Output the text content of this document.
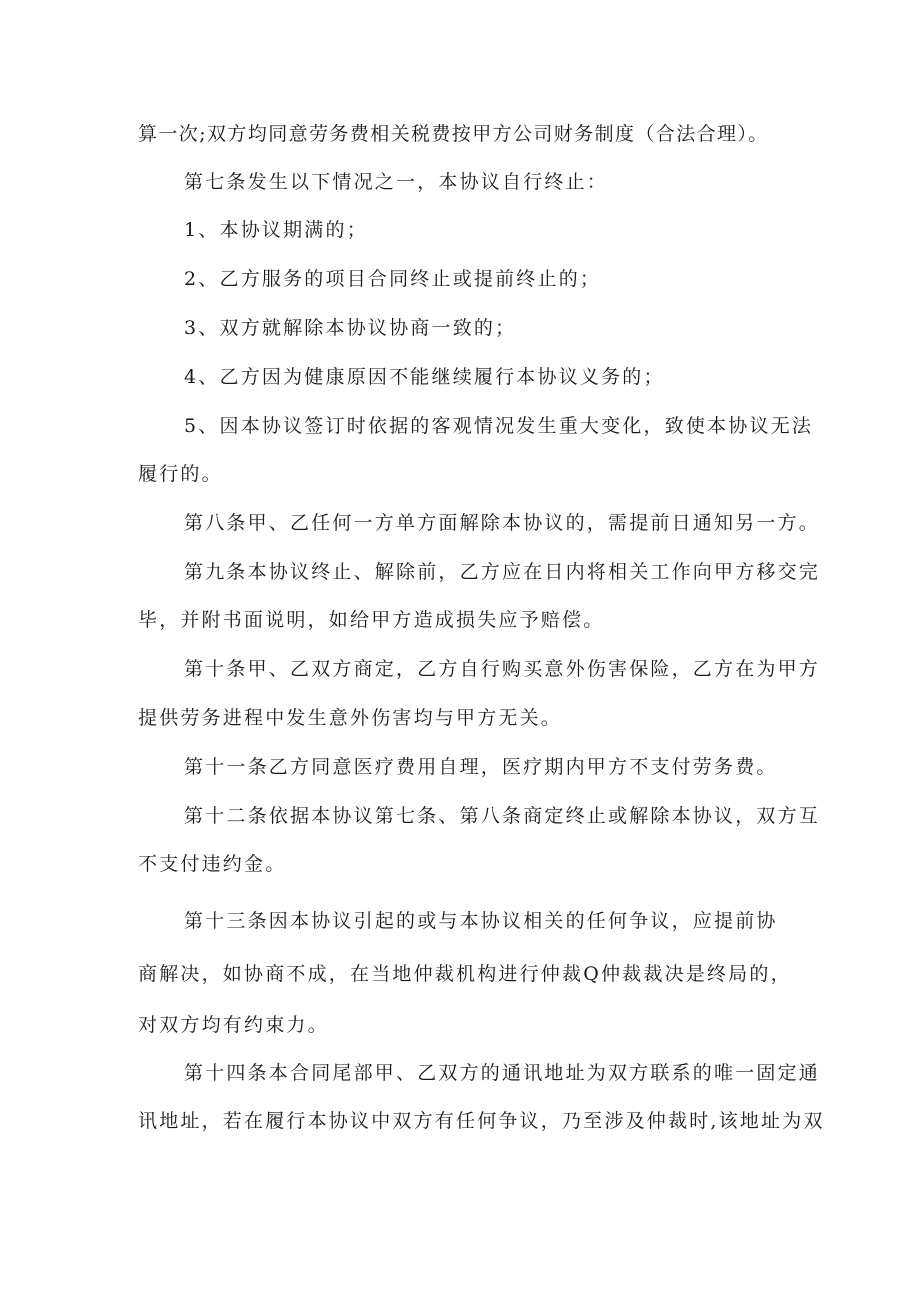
算一次;双方均同意劳务费相关税费按甲方公司财务制度（合法合理）。
第七条发生以下情况之一，本协议自行终止：
1、本协议期满的；
2、乙方服务的项目合同终止或提前终止的；
3、双方就解除本协议协商一致的；
4、乙方因为健康原因不能继续履行本协议义务的；
5、因本协议签订时依据的客观情况发生重大变化，致使本协议无法
履行的。
第八条甲、乙任何一方单方面解除本协议的，需提前日通知另一方。
第九条本协议终止、解除前，乙方应在日内将相关工作向甲方移交完
毕，并附书面说明，如给甲方造成损失应予赔偿。
第十条甲、乙双方商定，乙方自行购买意外伤害保险，乙方在为甲方
提供劳务进程中发生意外伤害均与甲方无关。
第十一条乙方同意医疗费用自理，医疗期内甲方不支付劳务费。
第十二条依据本协议第七条、第八条商定终止或解除本协议，双方互
不支付违约金。
第十三条因本协议引起的或与本协议相关的任何争议，应提前协
商解决，如协商不成，在当地仲裁机构进行仲裁Q仲裁裁决是终局的，
对双方均有约束力。
第十四条本合同尾部甲、乙双方的通讯地址为双方联系的唯一固定通
讯地址，若在履行本协议中双方有任何争议，乃至涉及仲裁时,该地址为双
